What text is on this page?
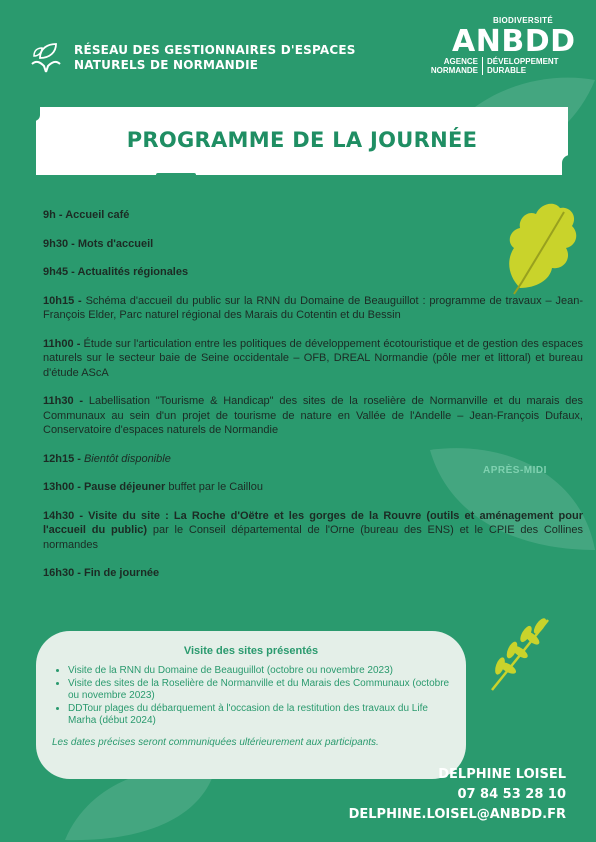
RÉSEAU DES GESTIONNAIRES D'ESPACES
NATURELS DE NORMANDIE
BIODIVERSITÉ
ANBDD
AGENCE
NORMANDE
DÉVELOPPEMENT
DURABLE
PROGRAMME DE LA JOURNÉE
APRÈS-MIDI
9h - Accueil café
9h30 - Mots d'accueil
9h45 - Actualités régionales
10h15 - Schéma d'accueil du public sur la RNN du Domaine de Beauguillot : programme de travaux – Jean-François Elder, Parc naturel régional des Marais du Cotentin et du Bessin
11h00 - Étude sur l'articulation entre les politiques de développement écotouristique et de gestion des espaces naturels sur le secteur baie de Seine occidentale – OFB, DREAL Normandie (pôle mer et littoral) et bureau d'étude AScA
11h30 - Labellisation "Tourisme & Handicap" des sites de la roselière de Normanville et du marais des Communaux au sein d'un projet de tourisme de nature en Vallée de l'Andelle – Jean-François Dufaux, Conservatoire d'espaces naturels de Normandie
12h15 - Bientôt disponible
13h00 - Pause déjeuner buffet par le Caillou
14h30 - Visite du site : La Roche d'Oëtre et les gorges de la Rouvre (outils et aménagement pour l'accueil du public) par le Conseil départemental de l'Orne (bureau des ENS) et le CPIE des Collines normandes
16h30 - Fin de journée
Visite des sites présentés
• Visite de la RNN du Domaine de Beauguillot (octobre ou novembre 2023)
• Visite des sites de la Roselière de Normanville et du Marais des Communaux (octobre ou novembre 2023)
• DDTour plages du débarquement à l'occasion de la restitution des travaux du Life Marha (début 2024)
Les dates précises seront communiquées ultérieurement aux participants.
DELPHINE LOISEL
07 84 53 28 10
DELPHINE.LOISEL@ANBDD.FR
